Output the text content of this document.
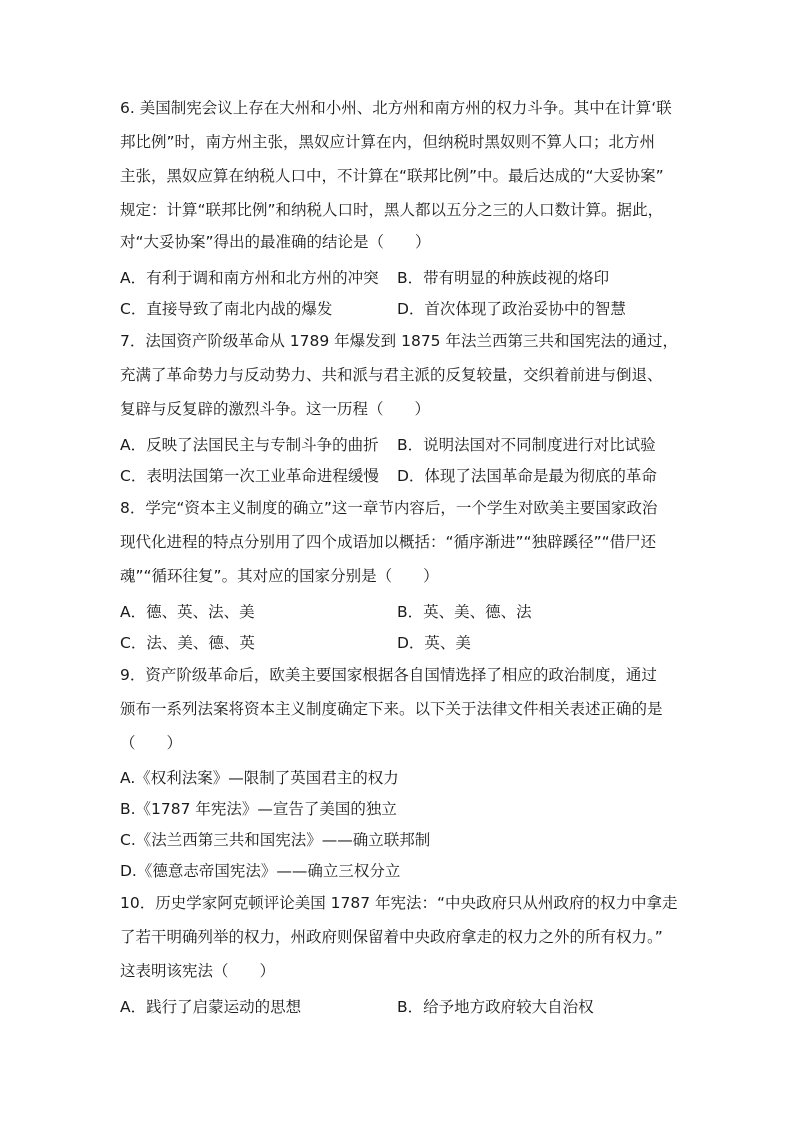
6. 美国制宪会议上存在大州和小州、北方州和南方州的权力斗争。其中在计算‘联
邦比例”时，南方州主张，黑奴应计算在内，但纳税时黑奴则不算人口；北方州
主张，黑奴应算在纳税人口中，不计算在“联邦比例”中。最后达成的“大妥协案”
规定：计算“联邦比例”和纳税人口时，黑人都以五分之三的人口数计算。据此，
对“大妥协案”得出的最准确的结论是（　　）
A．有利于调和南方州和北方州的冲突 B．带有明显的种族歧视的烙印
C．直接导致了南北内战的爆发	D．首次体现了政治妥协中的智慧
7．法国资产阶级革命从 1789 年爆发到 1875 年法兰西第三共和国宪法的通过，
充满了革命势力与反动势力、共和派与君主派的反复较量，交织着前进与倒退、
复辟与反复辟的激烈斗争。这一历程（　　）
A．反映了法国民主与专制斗争的曲折 B．说明法国对不同制度进行对比试验
C．表明法国第一次工业革命进程缓慢 D．体现了法国革命是最为彻底的革命
8．学完“资本主义制度的确立”这一章节内容后，一个学生对欧美主要国家政治
现代化进程的特点分别用了四个成语加以概括：“循序渐进”“独辟蹊径”“借尸还
魂”“循环往复”。其对应的国家分别是（　　）
A．德、英、法、美	B．英、美、德、法
C．法、美、德、英	D．英、美
9．资产阶级革命后，欧美主要国家根据各自国情选择了相应的政治制度，通过
颁布一系列法案将资本主义制度确定下来。以下关于法律文件相关表述正确的是
（　　）
A.《权利法案》—限制了英国君主的权力
B.《1787 年宪法》—宣告了美国的独立
C.《法兰西第三共和国宪法》——确立联邦制
D.《德意志帝国宪法》——确立三权分立
10．历史学家阿克顿评论美国 1787 年宪法：“中央政府只从州政府的权力中拿走
了若干明确列举的权力，州政府则保留着中央政府拿走的权力之外的所有权力。”
这表明该宪法（　　）
A．践行了启蒙运动的思想	B．给予地方政府较大自治权
